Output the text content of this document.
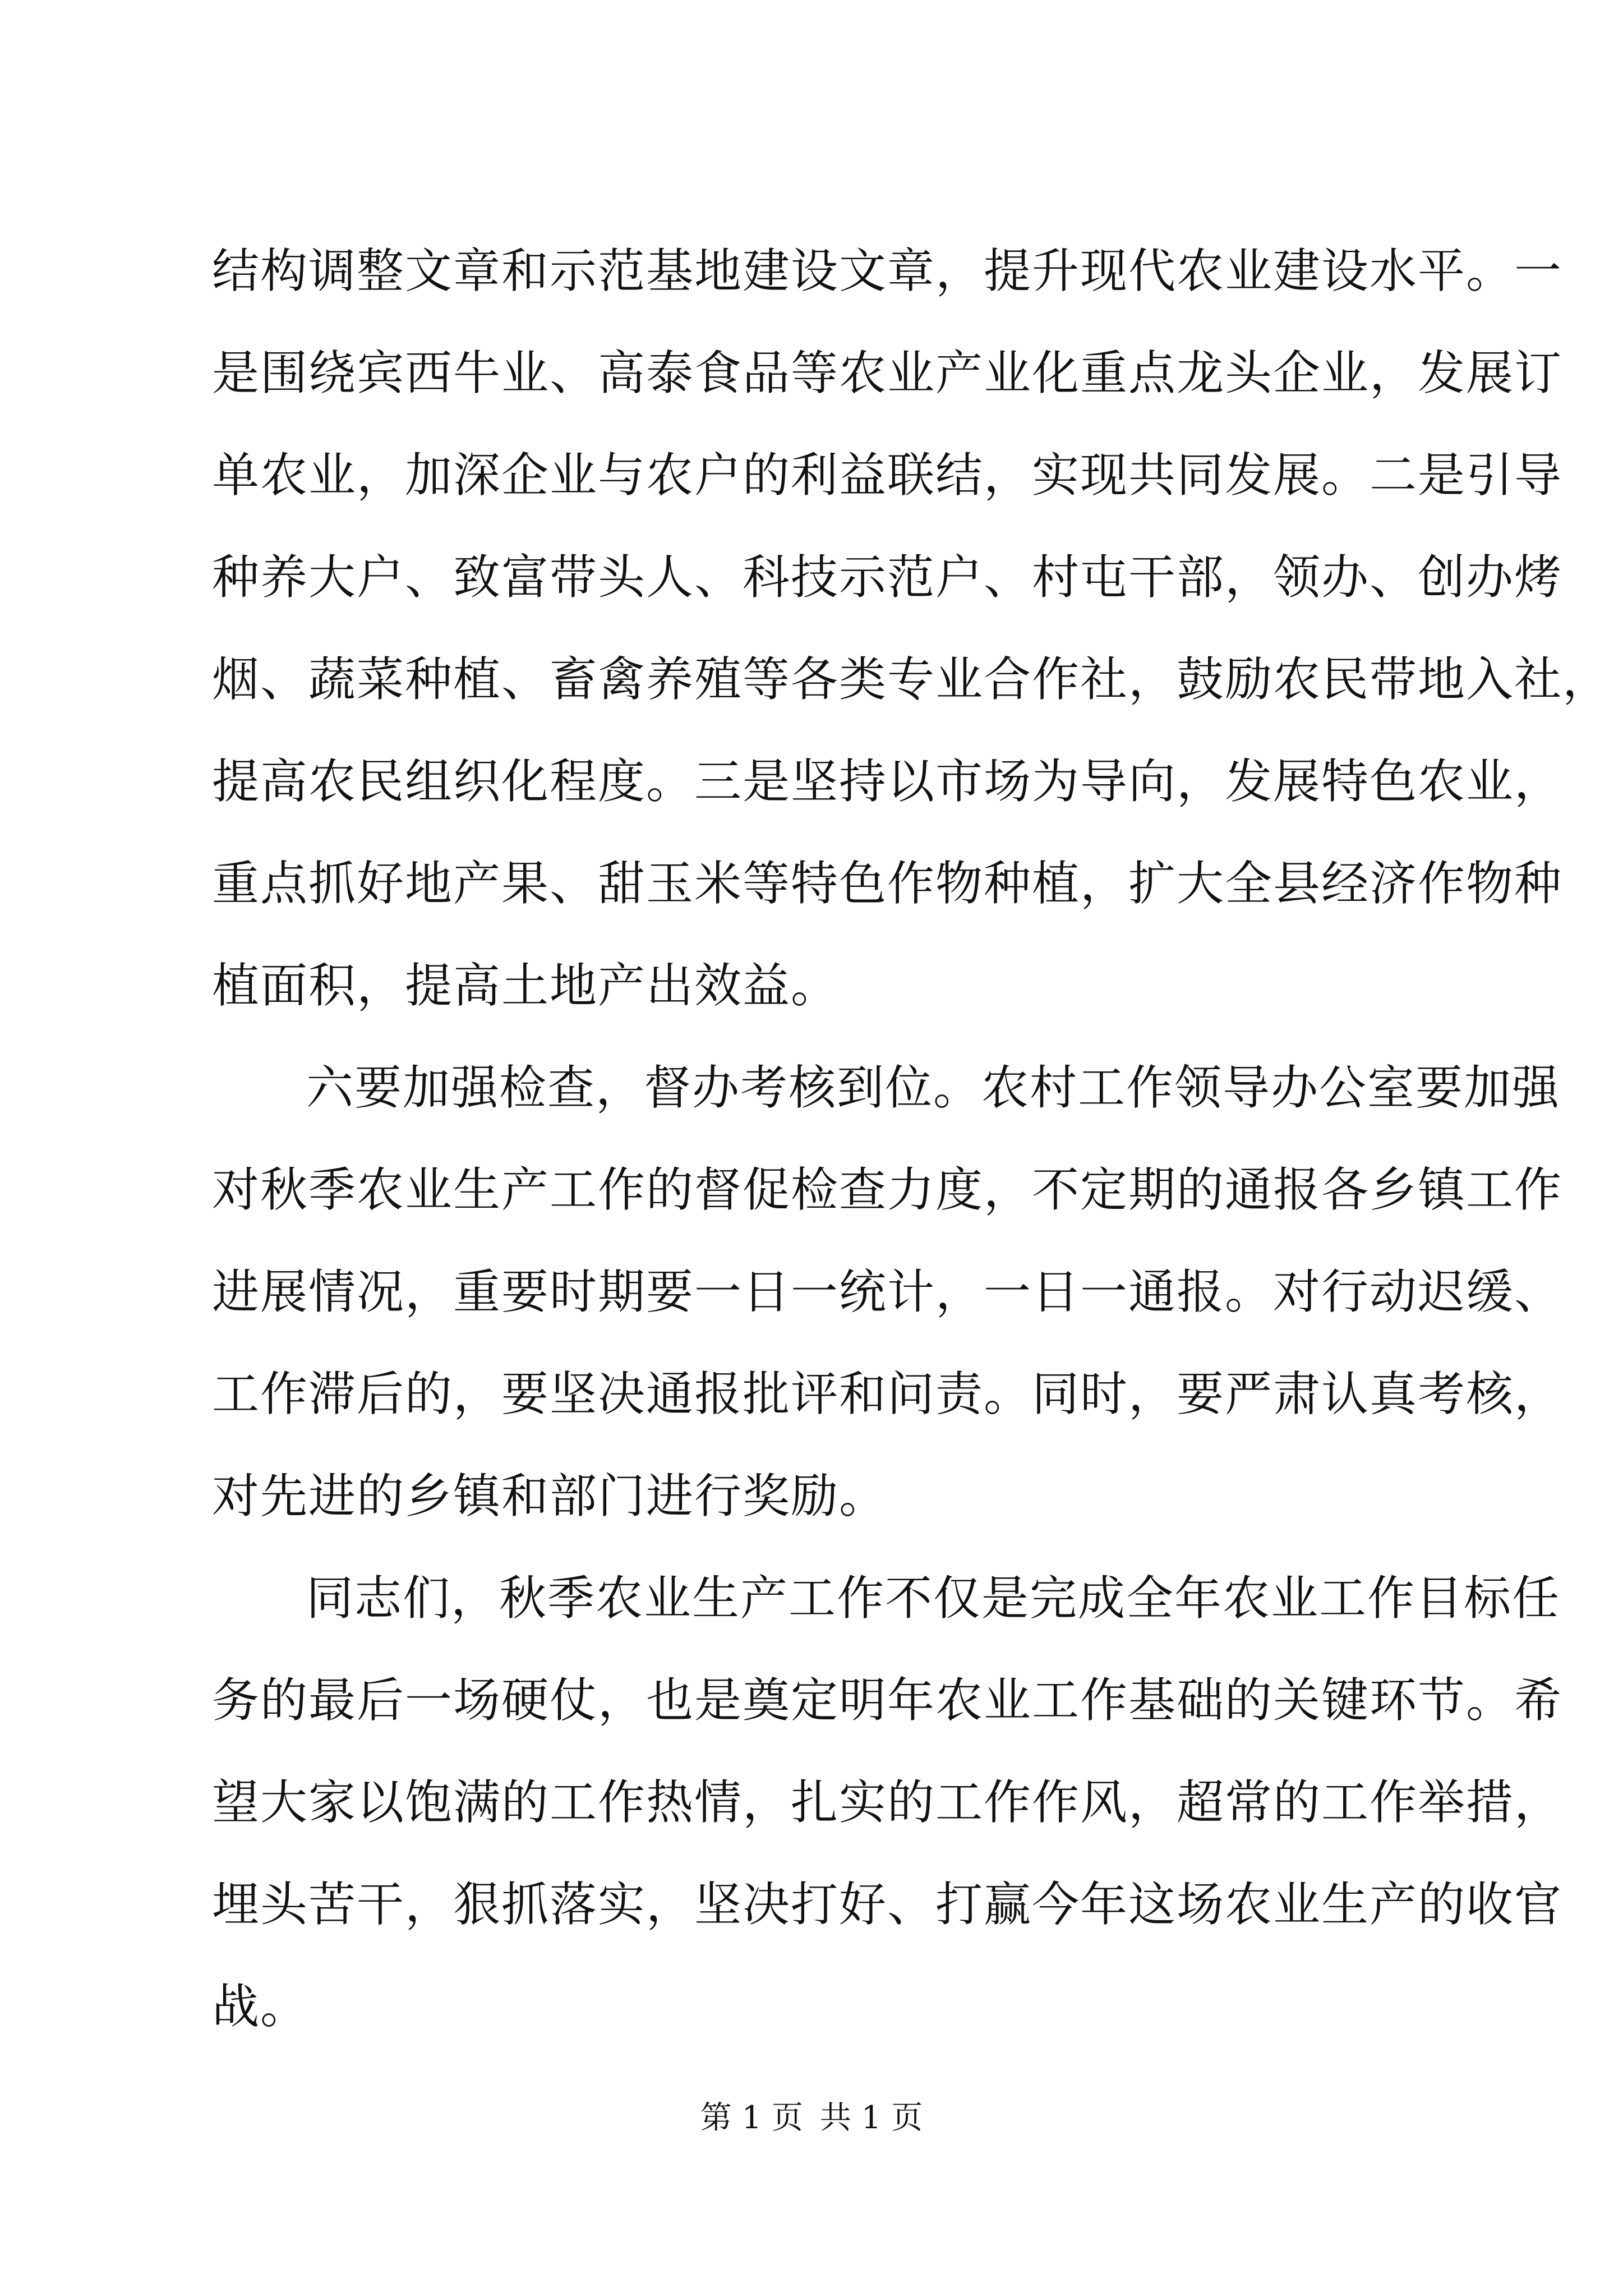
结构调整文章和示范基地建设文章，提升现代农业建设水平。一
是围绕宾西牛业、高泰食品等农业产业化重点龙头企业，发展订
单农业，加深企业与农户的利益联结，实现共同发展。二是引导
种养大户、致富带头人、科技示范户、村屯干部，领办、创办烤
烟、蔬菜种植、畜禽养殖等各类专业合作社，鼓励农民带地入社，
提高农民组织化程度。三是坚持以市场为导向，发展特色农业，
重点抓好地产果、甜玉米等特色作物种植，扩大全县经济作物种
植面积，提高土地产出效益。
六要加强检查，督办考核到位。农村工作领导办公室要加强
对秋季农业生产工作的督促检查力度，不定期的通报各乡镇工作
进展情况，重要时期要一日一统计，一日一通报。对行动迟缓、
工作滞后的，要坚决通报批评和问责。同时，要严肃认真考核，
对先进的乡镇和部门进行奖励。
同志们，秋季农业生产工作不仅是完成全年农业工作目标任
务的最后一场硬仗，也是奠定明年农业工作基础的关键环节。希
望大家以饱满的工作热情，扎实的工作作风，超常的工作举措，
埋头苦干，狠抓落实，坚决打好、打赢今年这场农业生产的收官
战。
第 1 页 共 1 页
